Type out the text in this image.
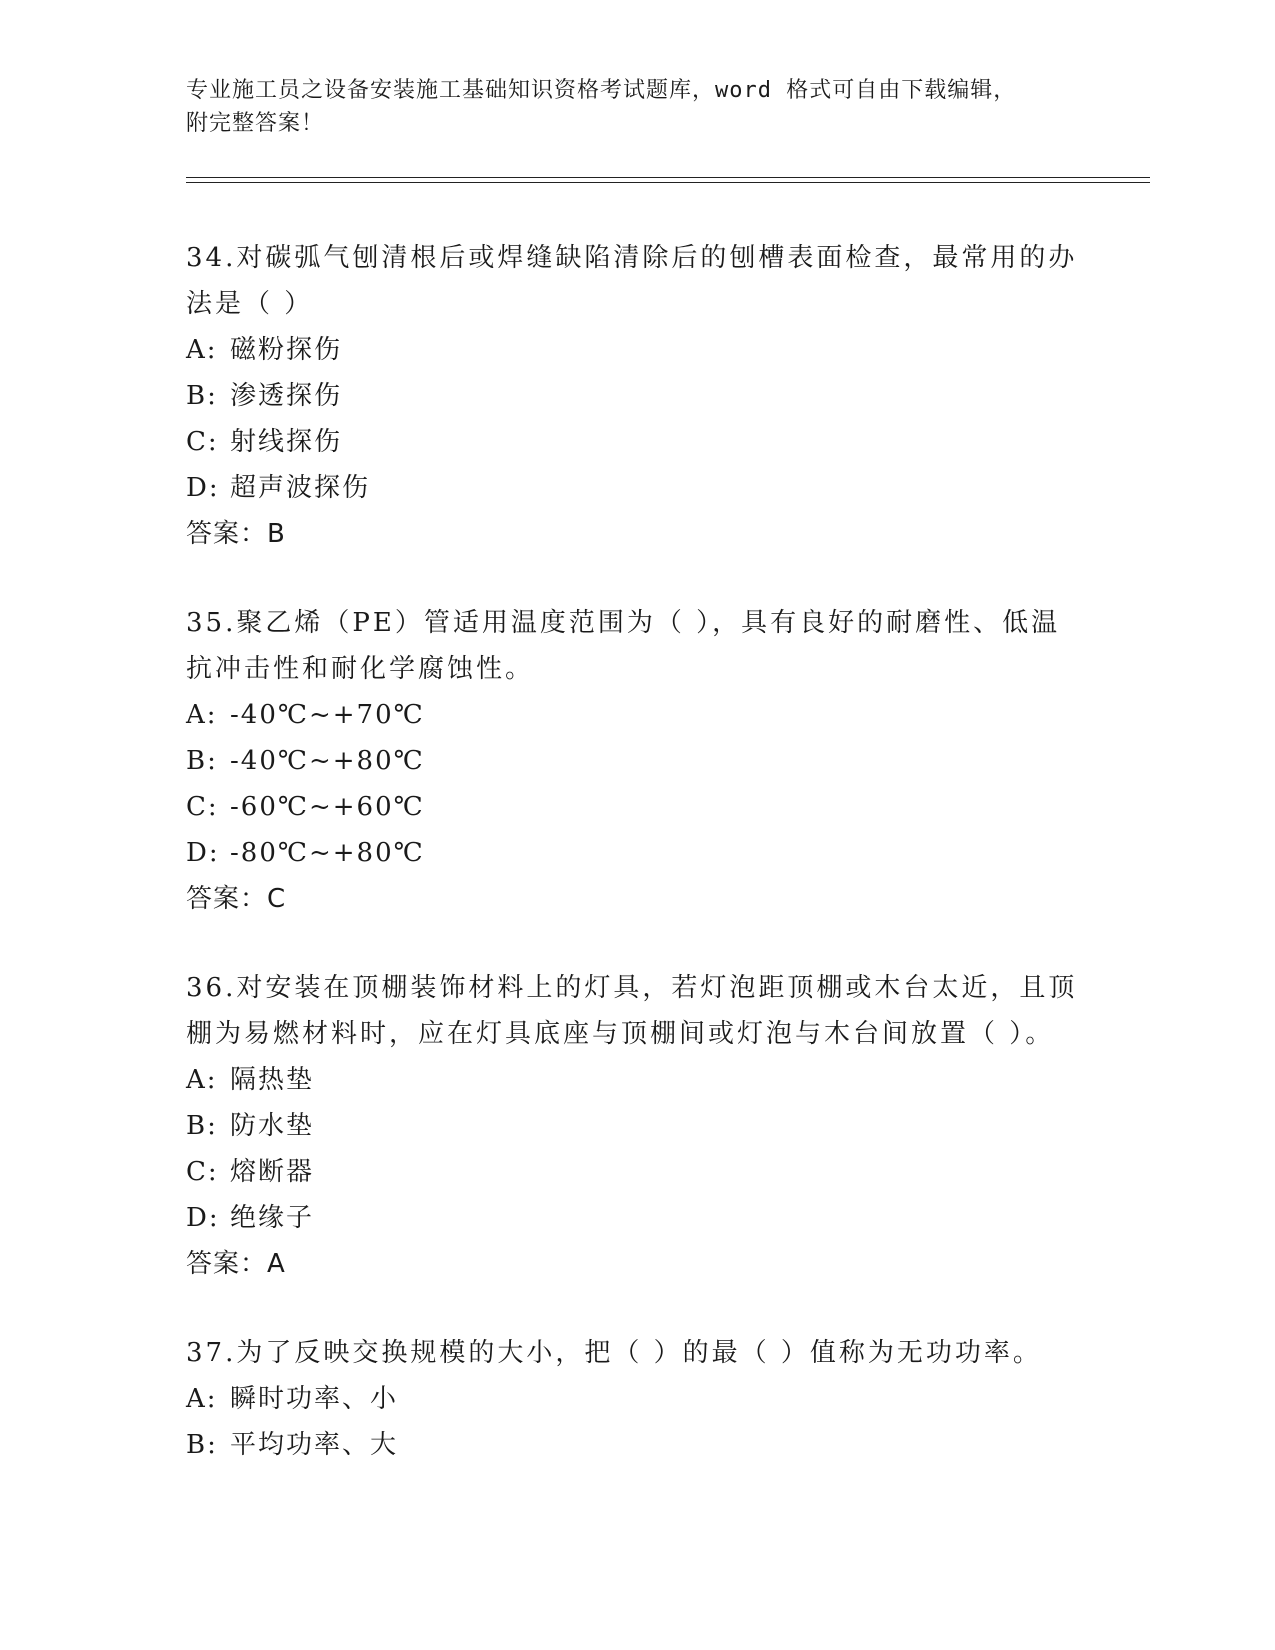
专业施工员之设备安装施工基础知识资格考试题库，word 格式可自由下载编辑，
附完整答案！
34.对碳弧气刨清根后或焊缝缺陷清除后的刨槽表面检查，最常用的办
法是（ ）
A: 磁粉探伤
B: 渗透探伤
C: 射线探伤
D: 超声波探伤
答案：B
35.聚乙烯（PE）管适用温度范围为（ ），具有良好的耐磨性、低温
抗冲击性和耐化学腐蚀性。
A: -40℃~+70℃
B: -40℃~+80℃
C: -60℃~+60℃
D: -80℃~+80℃
答案：C
36.对安装在顶棚装饰材料上的灯具，若灯泡距顶棚或木台太近，且顶
棚为易燃材料时，应在灯具底座与顶棚间或灯泡与木台间放置（ ）。
A: 隔热垫
B: 防水垫
C: 熔断器
D: 绝缘子
答案：A
37.为了反映交换规模的大小，把（ ）的最（ ）值称为无功功率。
A: 瞬时功率、小
B: 平均功率、大
